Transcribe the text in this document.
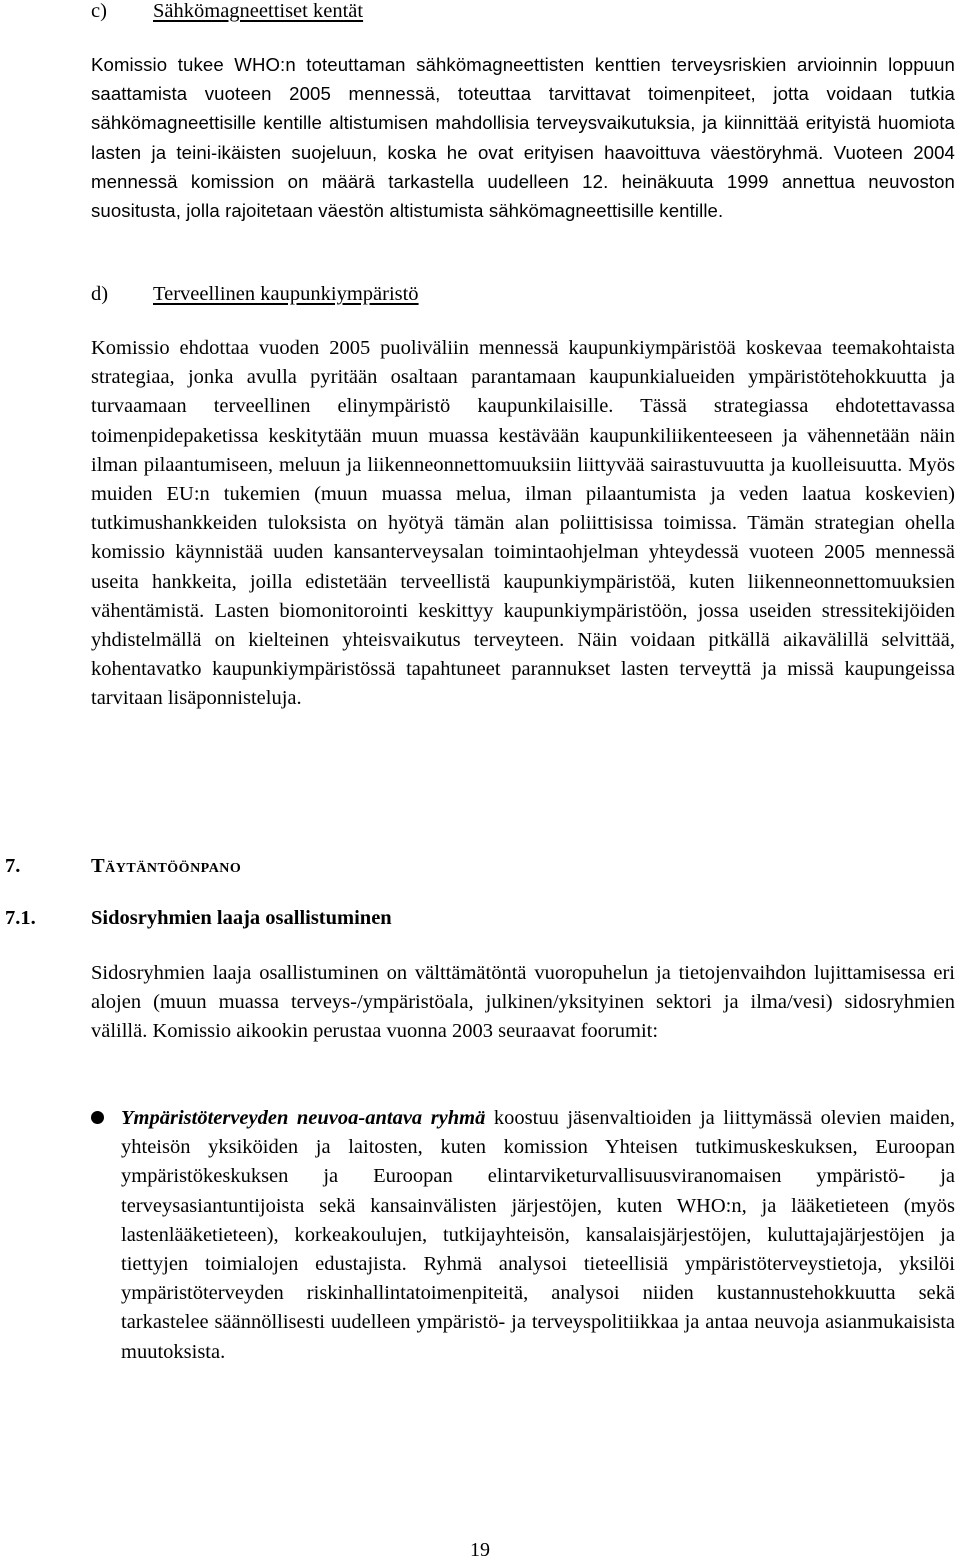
c)	Sähkömagneettiset kentät

Komissio tukee WHO:n toteuttaman sähkömagneettisten kenttien terveysriskien arvioinnin loppuun saattamista vuoteen 2005 mennessä, toteuttaa tarvittavat toimenpiteet, jotta voidaan tutkia sähkömagneettisille kentille altistumisen mahdollisia terveysvaikutuksia, ja kiinnittää erityistä huomiota lasten ja teini-ikäisten suojeluun, koska he ovat erityisen haavoittuva väestöryhmä. Vuoteen 2004 mennessä komission on määrä tarkastella uudelleen 12. heinäkuuta 1999 annettua neuvoston suositusta, jolla rajoitetaan väestön altistumista sähkömagneettisille kentille.

d)	Terveellinen kaupunkiympäristö

Komissio ehdottaa vuoden 2005 puoliväliin mennessä kaupunkiympäristöä koskevaa teemakohtaista strategiaa, jonka avulla pyritään osaltaan parantamaan kaupunkialueiden ympäristötehokkuutta ja turvaamaan terveellinen elinympäristö kaupunkilaisille. Tässä strategiassa ehdotettavassa toimenpidepaketissa keskitytään muun muassa kestävään kaupunkiliikenteeseen ja vähennetään näin ilman pilaantumiseen, meluun ja liikenneonnettomuuksiin liittyvää sairastuvuutta ja kuolleisuutta. Myös muiden EU:n tukemien (muun muassa melua, ilman pilaantumista ja veden laatua koskevien) tutkimushankkeiden tuloksista on hyötyä tämän alan poliittisissa toimissa. Tämän strategian ohella komissio käynnistää uuden kansanterveysalan toimintaohjelman yhteydessä vuoteen 2005 mennessä useita hankkeita, joilla edistetään terveellistä kaupunkiympäristöä, kuten liikenneonnettomuuksien vähentämistä. Lasten biomonitorointi keskittyy kaupunkiympäristöön, jossa useiden stressitekijöiden yhdistelmällä on kielteinen yhteisvaikutus terveyteen. Näin voidaan pitkällä aikavälillä selvittää, kohentavatko kaupunkiympäristössä tapahtuneet parannukset lasten terveyttä ja missä kaupungeissa tarvitaan lisäponnisteluja.

7.	Täytäntöönpano
7.1.	Sidosryhmien laaja osallistuminen

Sidosryhmien laaja osallistuminen on välttämätöntä vuoropuhelun ja tietojenvaihdon lujittamisessa eri alojen (muun muassa terveys-/ympäristöala, julkinen/yksityinen sektori ja ilma/vesi) sidosryhmien välillä. Komissio aikookin perustaa vuonna 2003 seuraavat foorumit:

Ympäristöterveyden neuvoa-antava ryhmä koostuu jäsenvaltioiden ja liittymässä olevien maiden, yhteisön yksiköiden ja laitosten, kuten komission Yhteisen tutkimuskeskuksen, Euroopan ympäristökeskuksen ja Euroopan elintarviketurvallisuusviranomaisen ympäristö- ja terveysasiantuntijoista sekä kansainvälisten järjestöjen, kuten WHO:n, ja lääketieteen (myös lastenlääketieteen), korkeakoulujen, tutkijayhteisön, kansalaisjärjestöjen, kuluttajajärjestöjen ja tiettyjen toimialojen edustajista. Ryhmä analysoi tieteellisiä ympäristöterveystietoja, yksilöi ympäristöterveyden riskinhallintatoimenpiteitä, analysoi niiden kustannustehokkuutta sekä tarkastelee säännöllisesti uudelleen ympäristö- ja terveyspolitiikkaa ja antaa neuvoja asianmukaisista muutoksista.
19
